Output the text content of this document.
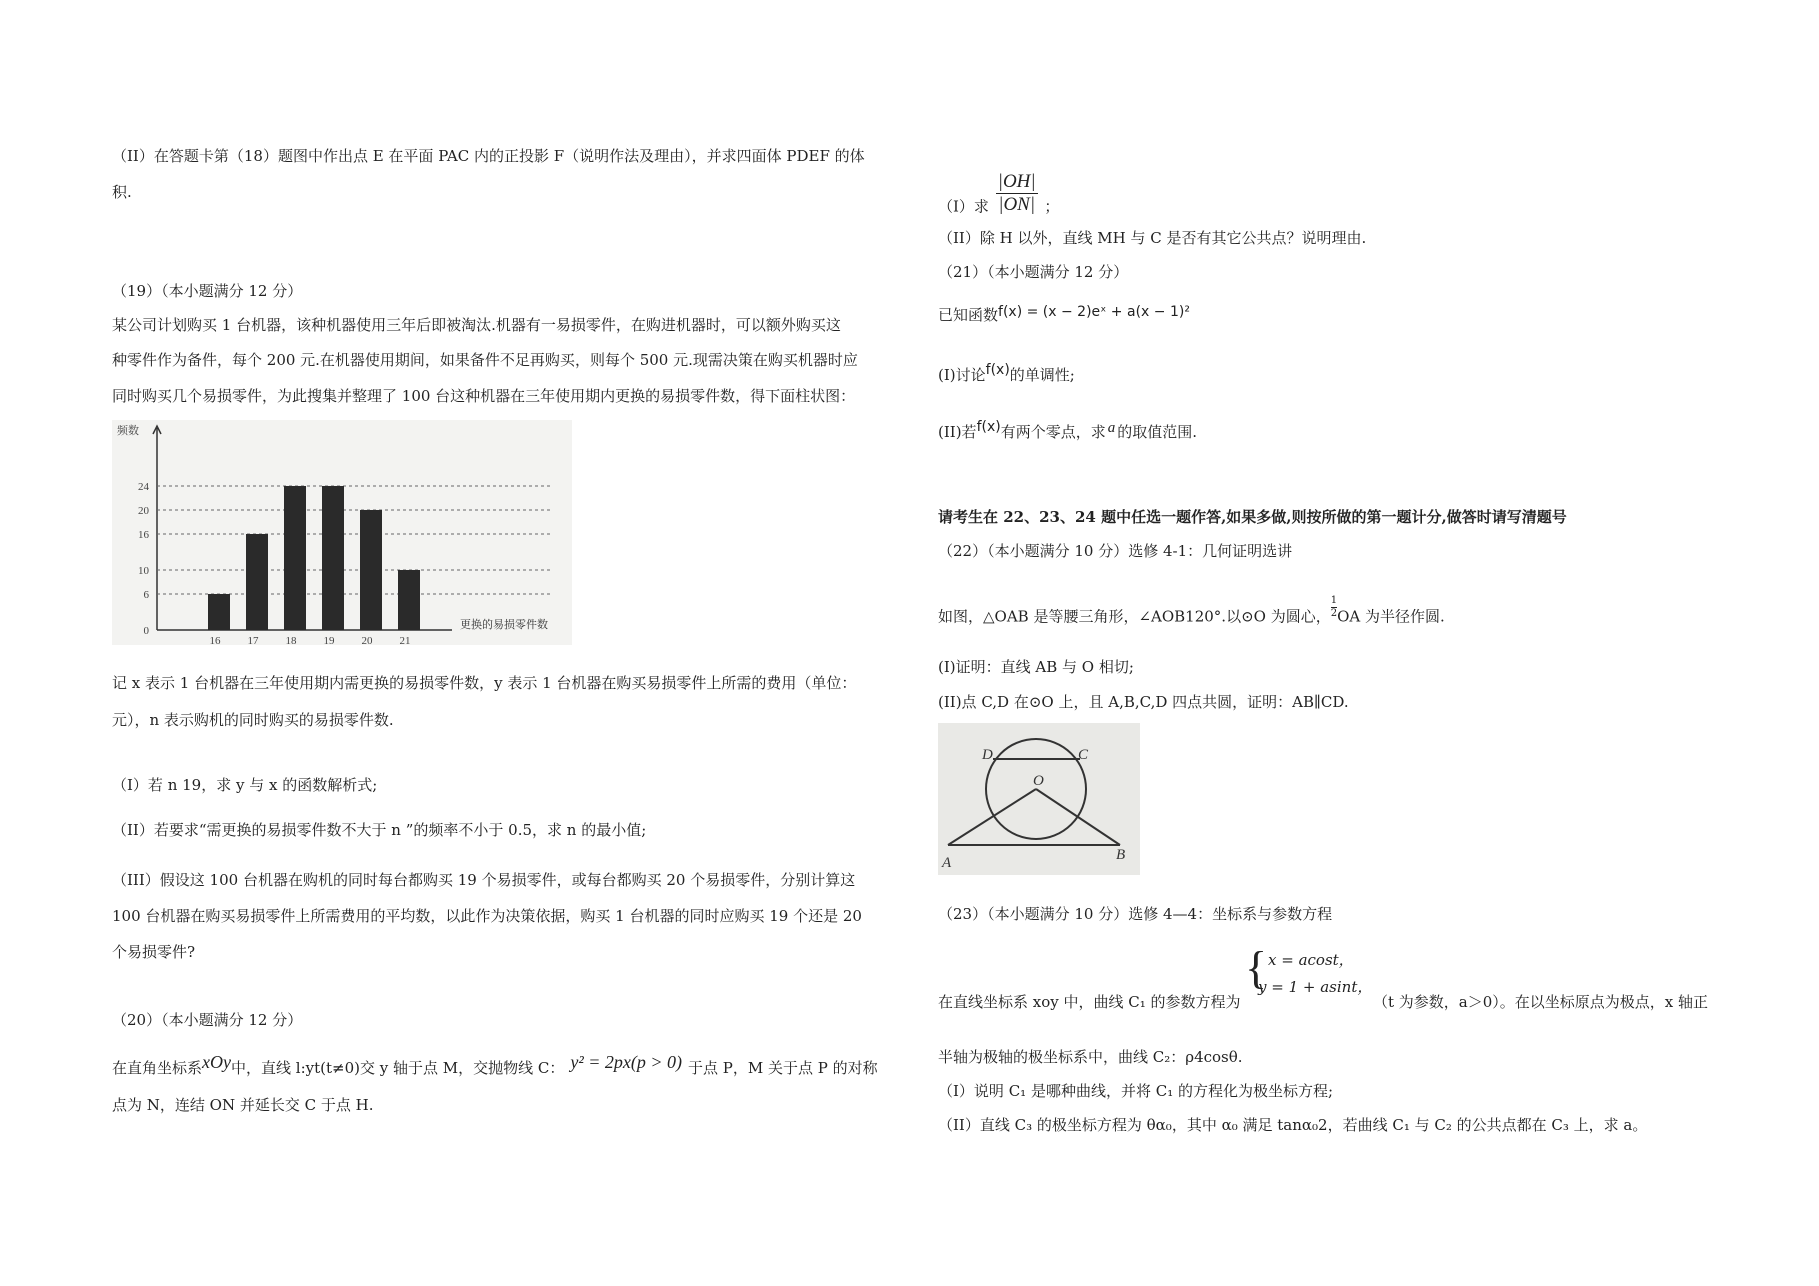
（II）在答题卡第（18）题图中作出点 E 在平面 PAC 内的正投影 F（说明作法及理由），并求四面体 PDEF 的体
积.
（19）（本小题满分 12 分）
某公司计划购买 1 台机器，该种机器使用三年后即被淘汰.机器有一易损零件，在购进机器时，可以额外购买这
种零件作为备件，每个 200 元.在机器使用期间，如果备件不足再购买，则每个 500 元.现需决策在购买机器时应
同时购买几个易损零件，为此搜集并整理了 100 台这种机器在三年使用期内更换的易损零件数，得下面柱状图：
频数
0
6
10
16
20
24
16 17 18 19 20 21
更换的易损零件数
记 x 表示 1 台机器在三年使用期内需更换的易损零件数，y 表示 1 台机器在购买易损零件上所需的费用（单位：
元），n 表示购机的同时购买的易损零件数.
（I）若 n 19，求 y 与 x 的函数解析式;
（II）若要求“需更换的易损零件数不大于 n ”的频率不小于 0.5，求 n 的最小值;
（III）假设这 100 台机器在购机的同时每台都购买 19 个易损零件，或每台都购买 20 个易损零件，分别计算这
100 台机器在购买易损零件上所需费用的平均数，以此作为决策依据，购买 1 台机器的同时应购买 19 个还是 20
个易损零件?
（20）（本小题满分 12 分）
在直角坐标系xOy中，直线 l:yt(t≠0)交 y 轴于点 M，交抛物线 C： y² = 2px(p > 0) 于点 P，M 关于点 P 的对称
点为 N，连结 ON 并延长交 C 于点 H.
（I）求 $\frac{|OH|}{|ON|}$ ；
（II）除 H 以外，直线 MH 与 C 是否有其它公共点？说明理由.
（21）（本小题满分 12 分）
已知函数f(x) = (x − 2)eˣ + a(x − 1)²
(I)讨论f(x)的单调性;
(II)若f(x)有两个零点，求 a 的取值范围.
请考生在 22、23、24 题中任选一题作答,如果多做,则按所做的第一题计分,做答时请写清题号
（22）（本小题满分 10 分）选修 4-1：几何证明选讲
如图，△OAB 是等腰三角形，∠AOB120°.以⊙O 为圆心， $\frac{1}{2}$ OA 为半径作圆.
(I)证明：直线 AB 与 O 相切;
(II)点 C,D 在⊙O 上，且 A,B,C,D 四点共圆，证明：AB∥CD.
D	C
O
A	B
（23）（本小题满分 10 分）选修 4—4：坐标系与参数方程
{ x = acost，
y = 1 + asint，
在直线坐标系 xoy 中，曲线 C₁ 的参数方程为	（t 为参数，a＞0）。在以坐标原点为极点，x 轴正
半轴为极轴的极坐标系中，曲线 C₂：ρ4cosθ.
（I）说明 C₁ 是哪种曲线，并将 C₁ 的方程化为极坐标方程;
（II）直线 C₃ 的极坐标方程为 θα₀，其中 α₀ 满足 tanα₀2，若曲线 C₁ 与 C₂ 的公共点都在 C₃ 上，求 a。
